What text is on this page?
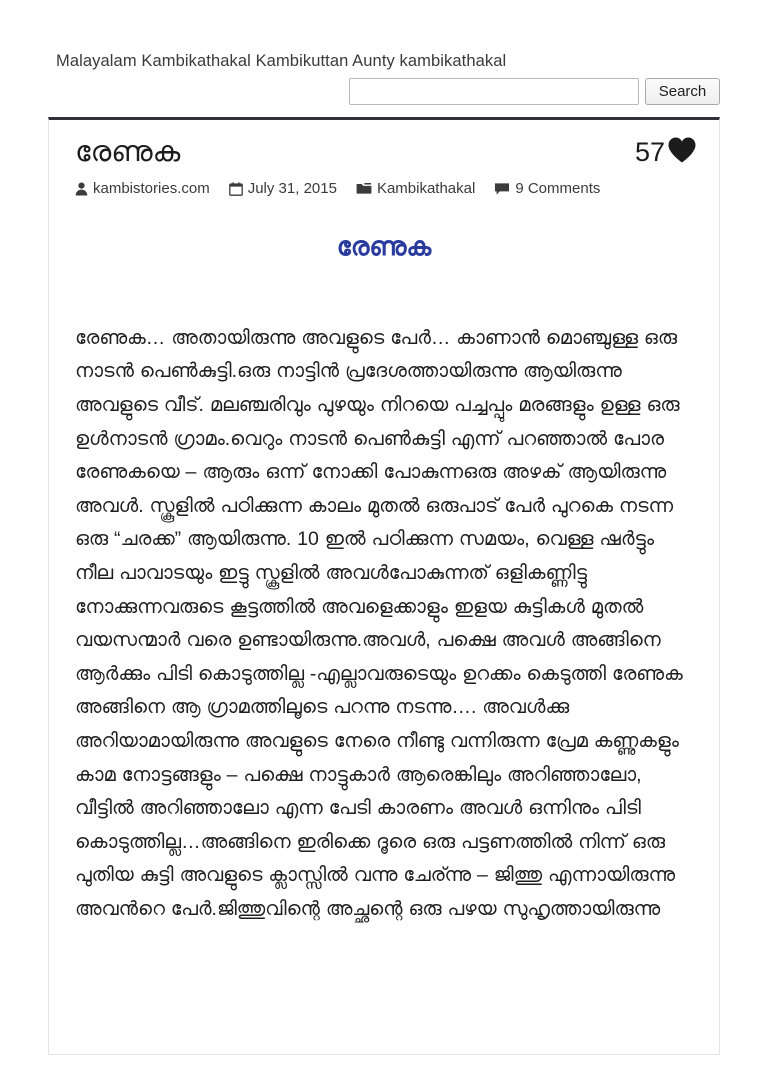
Malayalam Kambikathakal Kambikuttan Aunty kambikathakal
Search
രേണുക	57
kambistories.com	July 31, 2015	Kambikathakal	9 Comments
രേണുക

രേണുക… അതായിരുന്നു അവളുടെ പേര്‍… കാണാന്‍ മൊഞ്ചുള്ള ഒരു നാടന്‍ പെണ്‍കുട്ടി.ഒരു നാട്ടിന്‍ പ്രദേശത്തായിരുന്നു ആയിരുന്നു അവളുടെ വീട്. മലഞ്ചരിവും പുഴയും നിറയെ പച്ചപ്പും മരങ്ങളും ഉള്ള ഒരു ഉള്‍നാടന്‍ ഗ്രാമം.വെറും നാടന്‍ പെണ്‍കുട്ടി എന്ന് പറഞ്ഞാല്‍ പോര രേണുകയെ – ആരും ഒന്ന് നോക്കി പോകുന്നഒരു അഴക് ആയിരുന്നു അവള്‍. സ്കൂളില്‍ പഠിക്കുന്ന കാലം മുതല്‍ ഒരുപാട് പേര്‍ പുറകെ നടന്ന ഒരു “ചരക്ക” ആയിരുന്നു. 10 ഇല്‍ പഠിക്കുന്ന സമയം, വെള്ള ഷര്‍ട്ടും നീല പാവാടയും ഇട്ടു സ്കൂളില്‍ അവള്‍പോകുന്നത് ഒളികണ്ണിട്ടു നോക്കുന്നവരുടെ കൂട്ടത്തില്‍ അവളെക്കാളും ഇളയ കുട്ടികള്‍ മുതല്‍ വയസന്മാര്‍ വരെ ഉണ്ടായിരുന്നു.അവള്‍, പക്ഷെ അവള്‍ അങ്ങിനെ ആര്‍ക്കും പിടി കൊടുത്തില്ല -എല്ലാവരുടെയും ഉറക്കം കെടുത്തി രേണുക അങ്ങിനെ ആ ഗ്രാമത്തിലൂടെ പറന്നു നടന്നു…. അവള്‍ക്കു അറിയാമായിരുന്നു അവളുടെ നേരെ നീണ്ടു വന്നിരുന്ന പ്രേമ കണ്ണുകളും കാമ നോട്ടങ്ങളും – പക്ഷെ നാട്ടുകാര്‍ ആരെങ്കിലും അറിഞ്ഞാലോ, വീട്ടില്‍ അറിഞ്ഞാലോ എന്ന പേടി കാരണം അവള്‍ ഒന്നിനും പിടി കൊടുത്തില്ല…അങ്ങിനെ ഇരിക്കെ ദൂരെ ഒരു പട്ടണത്തില്‍ നിന്ന് ഒരു പുതിയ കുട്ടി അവളുടെ ക്ലാസ്സില്‍ വന്നു ചേര്ന്നു – ജിത്തു എന്നായിരുന്നു അവന്‍റെ പേര്‍.ജിത്തുവിന്റെ അച്ഛന്റെ ഒരു പഴയ സുഹൃത്തായിരുന്നു
